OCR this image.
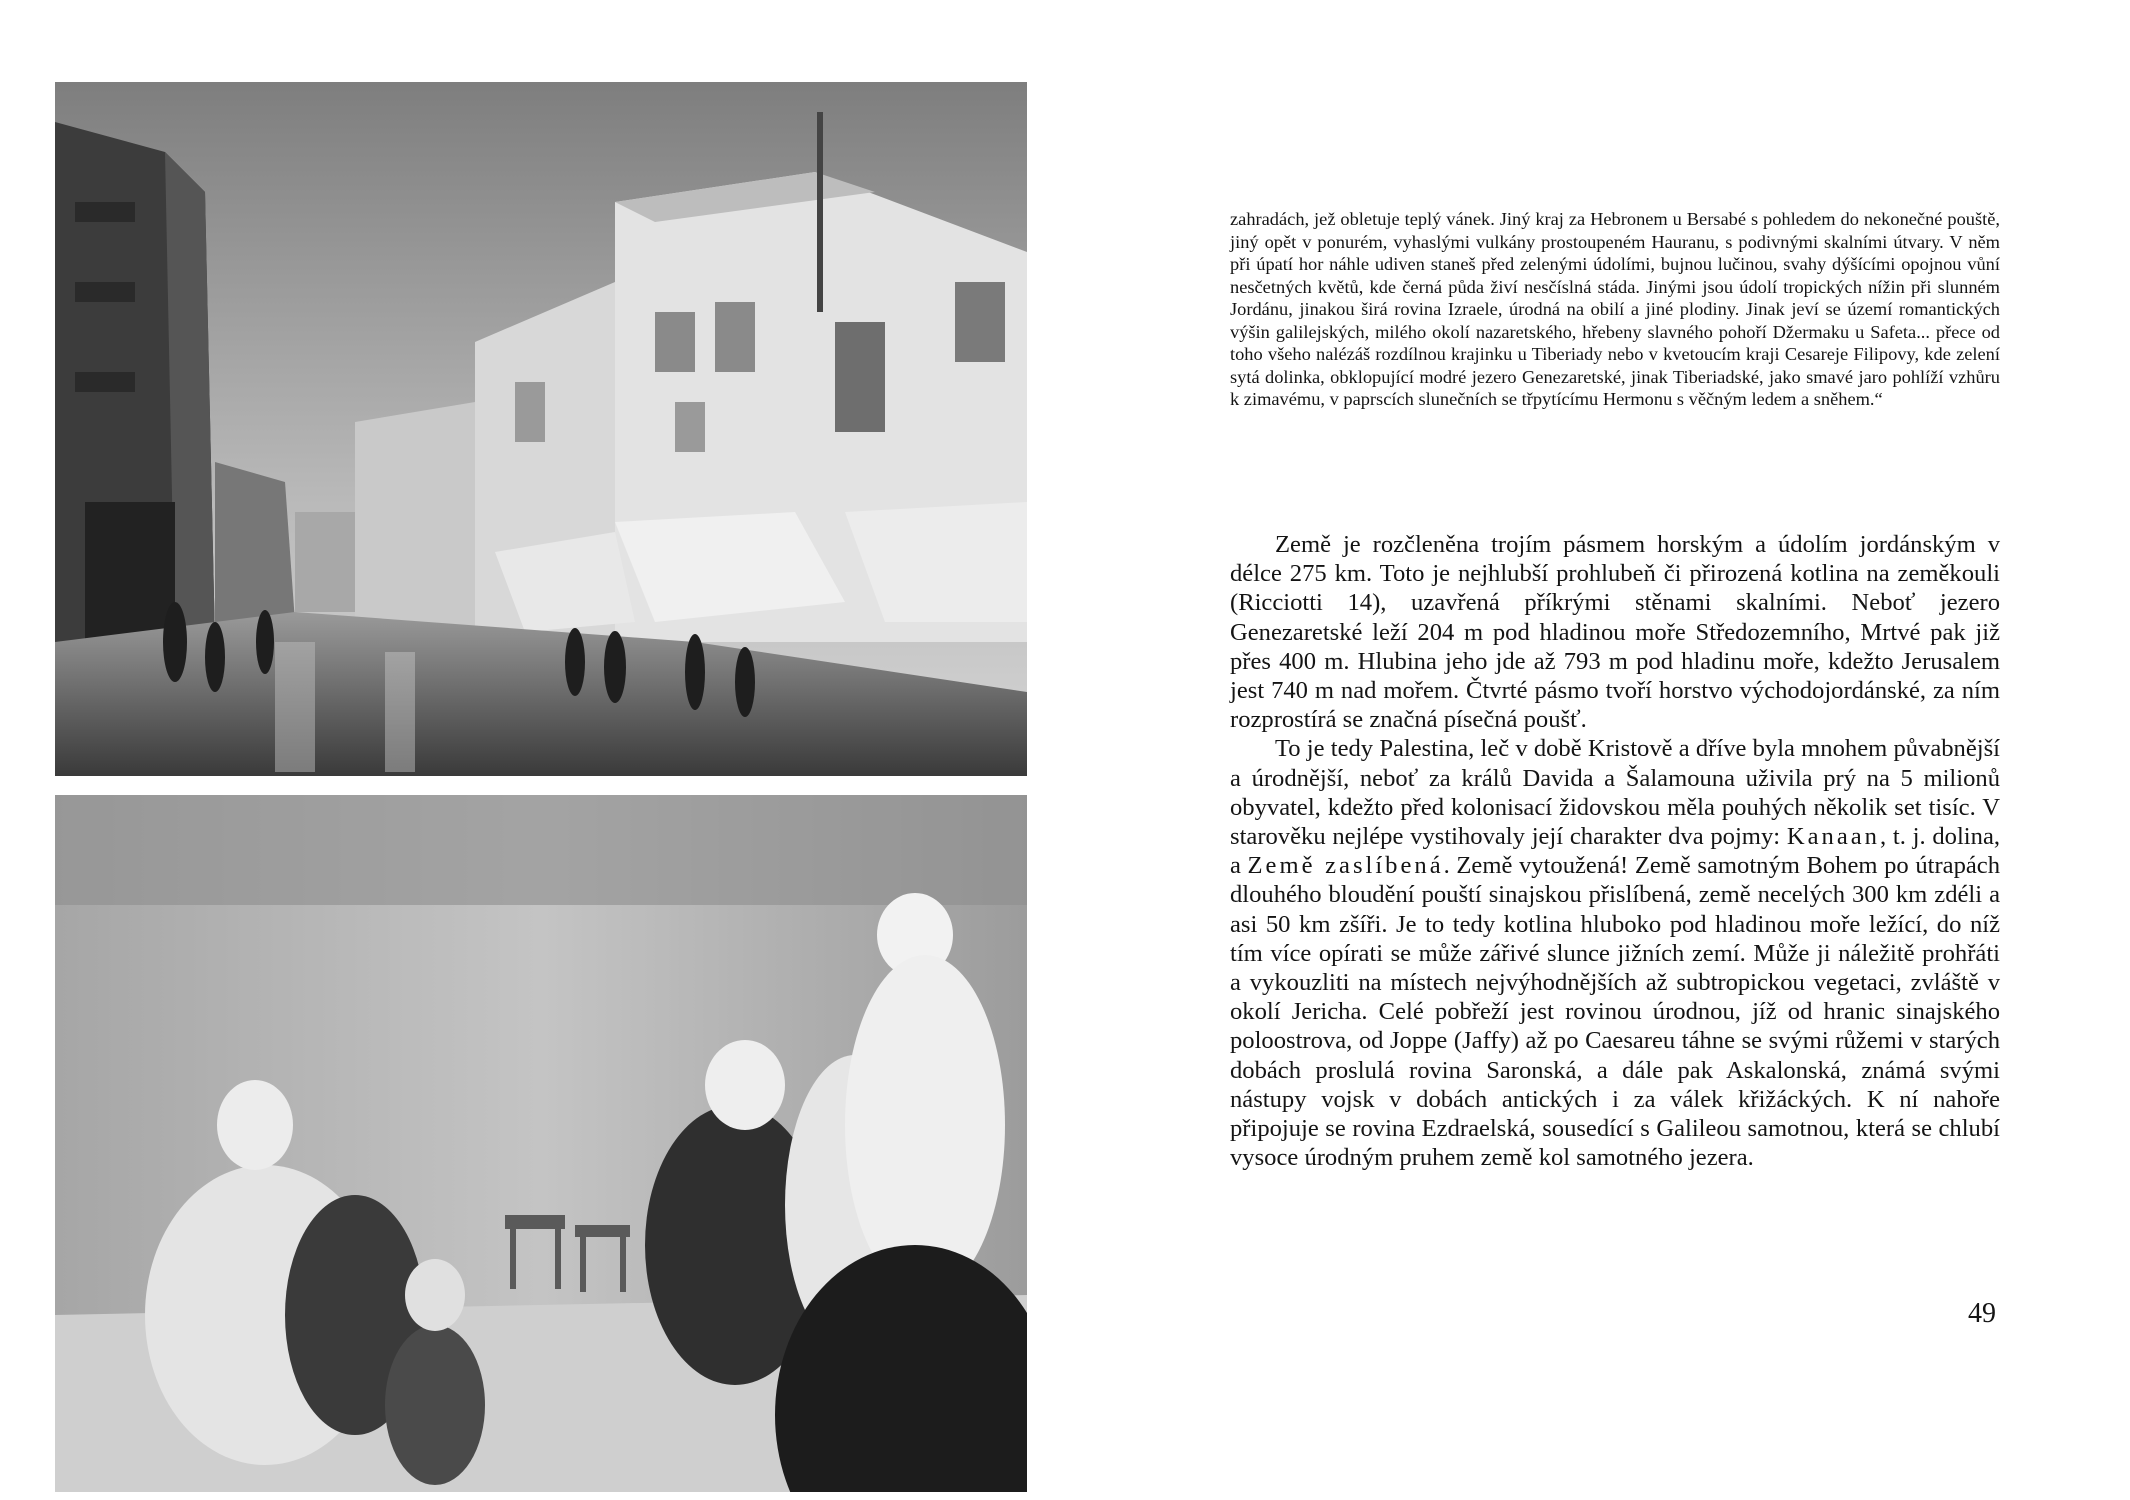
zahradách, jež obletuje teplý vánek. Jiný kraj za Hebronem u Bersabé s pohledem do nekonečné pouště, jiný opět v ponurém, vyhaslými vulkány prostoupeném Hauranu, s podivnými skalními útvary. V něm při úpatí hor náhle udiven staneš před zelenými údolími, bujnou lučinou, svahy dýšícími opojnou vůní nesčetných květů, kde černá půda živí nesčíslná stáda. Jinými jsou údolí tropických nížin při slunném Jordánu, jinakou širá rovina Izraele, úrodná na obilí a jiné plodiny. Jinak jeví se území romantických výšin galilejských, milého okolí nazaretského, hřebeny slavného pohoří Džermaku u Safeta... přece od toho všeho nalézáš rozdílnou krajinku u Tiberiady nebo v kvetoucím kraji Cesareje Filipovy, kde zelení sytá dolinka, obklopující modré jezero Genezaretské, jinak Tiberiadské, jako smavé jaro pohlíží vzhůru k zimavému, v paprscích slunečních se třpytícímu Hermonu s věčným ledem a sněhem.“

Země je rozčleněna trojím pásmem horským a údolím jordánským v délce 275 km. Toto je nejhlubší prohlubeň či přirozená kotlina na zeměkouli (Ricciotti 14), uzavřená příkrými stěnami skalními. Neboť jezero Genezaretské leží 204 m pod hladinou moře Středozemního, Mrtvé pak již přes 400 m. Hlubina jeho jde až 793 m pod hladinu moře, kdežto Jerusalem jest 740 m nad mořem. Čtvrté pásmo tvoří horstvo východojordánské, za ním rozprostírá se značná písečná poušť.

To je tedy Palestina, leč v době Kristově a dříve byla mnohem půvabnější a úrodnější, neboť za králů Davida a Šalamouna uživila prý na 5 milionů obyvatel, kdežto před kolonisací židovskou měla pouhých několik set tisíc. V starověku nejlépe vystihovaly její charakter dva pojmy: Kanaan, t. j. dolina, a Země zaslíbená. Země vytoužená! Země samotným Bohem po útrapách dlouhého bloudění pouští sinajskou přislíbená, země necelých 300 km zdéli a asi 50 km zšíři. Je to tedy kotlina hluboko pod hladinou moře ležící, do níž tím více opírati se může zářivé slunce jižních zemí. Může ji náležitě prohřáti a vykouzliti na místech nejvýhodnějších až subtropickou vegetaci, zvláště v okolí Jericha. Celé pobřeží jest rovinou úrodnou, jíž od hranic sinajského poloostrova, od Joppe (Jaffy) až po Caesareu táhne se svými růžemi v starých dobách proslulá rovina Saronská, a dále pak Askalonská, známá svými nástupy vojsk v dobách antických i za válek křižáckých. K ní nahoře připojuje se rovina Ezdraelská, sousedící s Galileou samotnou, která se chlubí vysoce úrodným pruhem země kol samotného jezera.

49
